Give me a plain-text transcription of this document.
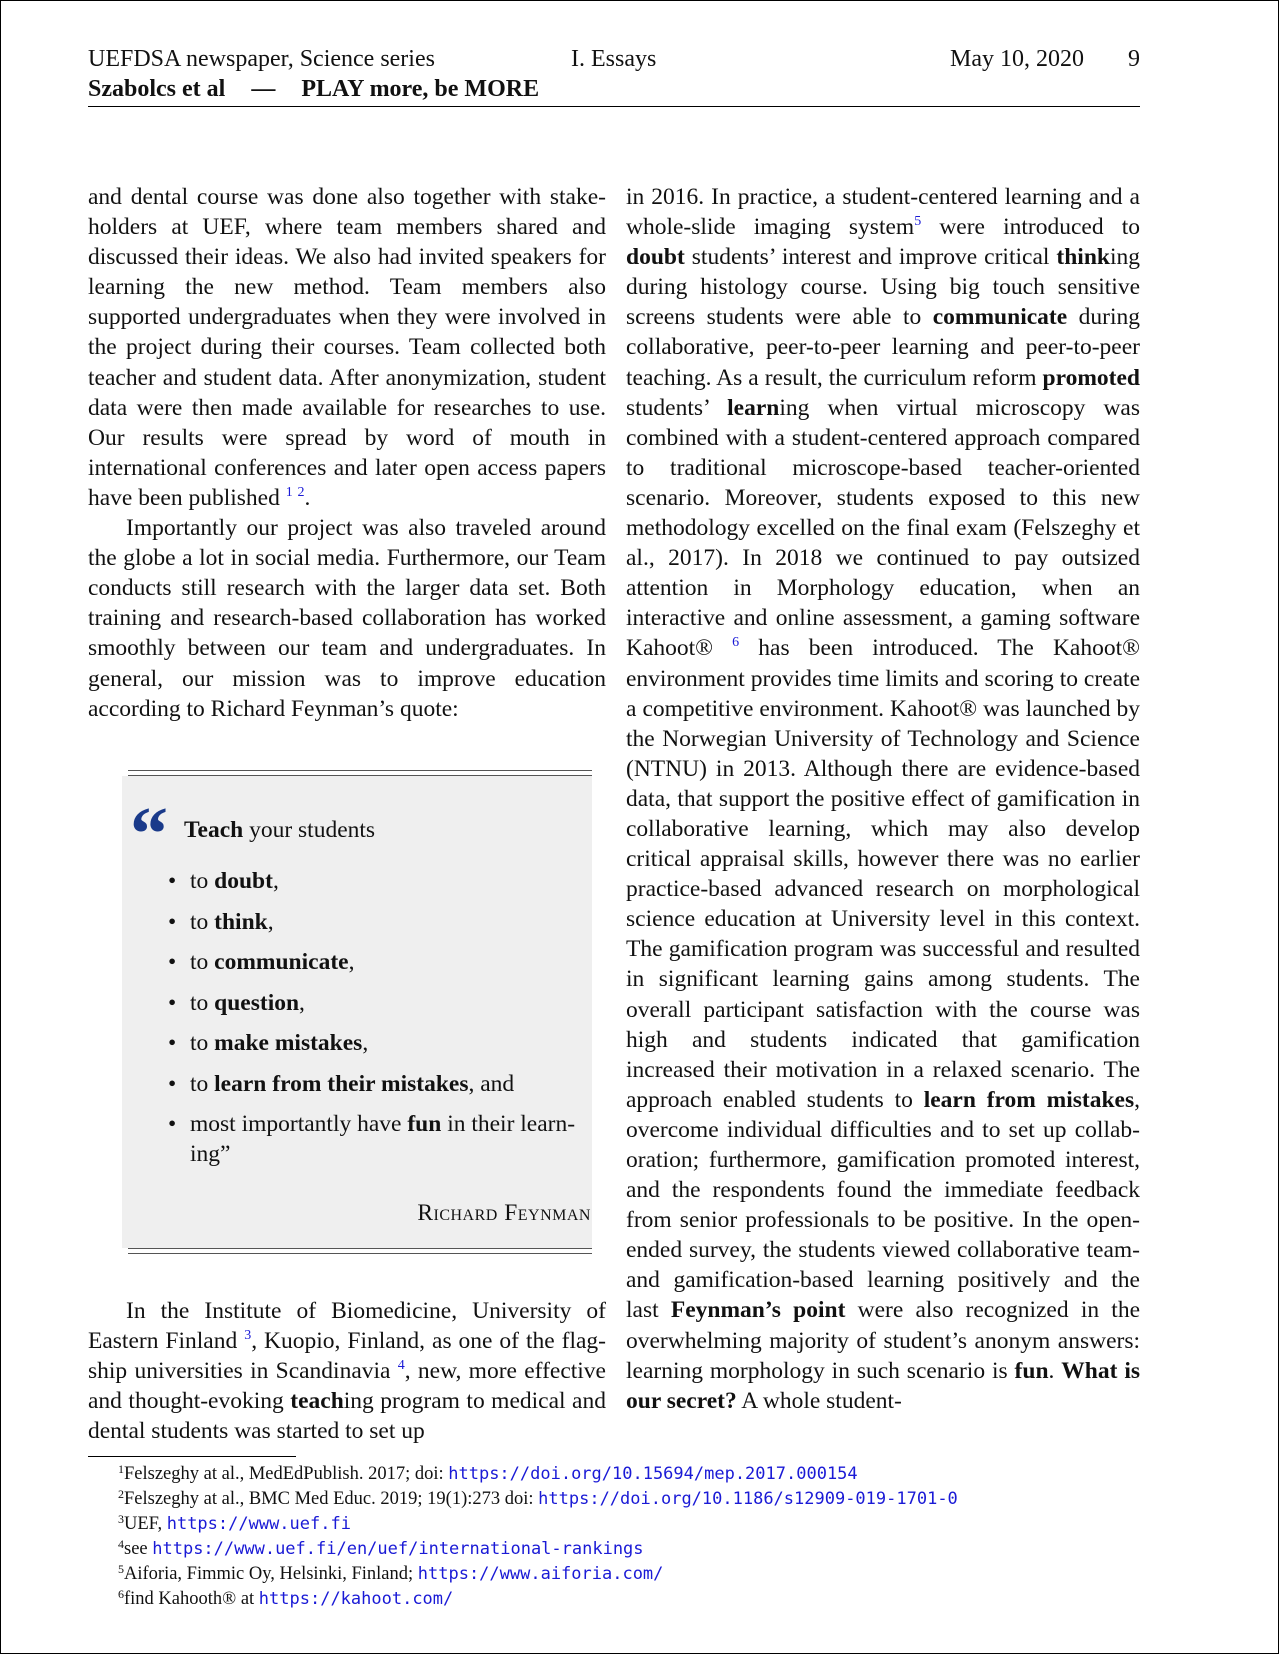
UEFDSA newspaper, Science series	I. Essays	May 10, 2020 9
Szabolcs et al — PLAY more, be MORE

and dental course was done also together with stakeholders at UEF, where team members shared and discussed their ideas. We also had invited speakers for learning the new method. Team members also supported undergraduates when they were involved in the project during their courses. Team collected both teacher and student data. After anonymization, student data were then made available for researches to use. Our results were spread by word of mouth in international conferences and later open access papers have been published $^1$  $^2$.

Importantly our project was also traveled around the globe a lot in social media. Furthermore, our Team conducts still research with the larger data set. Both training and research-based collaboration has worked smoothly between our team and undergraduates. In general, our mission was to improve education according to Richard Feynman’s quote:

“ Teach your students
• to doubt,
• to think,
• to communicate,
• to question,
• to make mistakes,
• to learn from their mistakes, and
• most importantly have fun in their learning”
Richard Feynman

In the Institute of Biomedicine, University of Eastern Finland $^3$, Kuopio, Finland, as one of the flag-ship universities in Scandinavia $^4$, new, more effective and thought-evoking teaching program to medical and dental students was started to set up

in 2016. In practice, a student-centered learning and a whole-slide imaging system$^5$ were introduced to doubt students’ interest and improve critical thinking during histology course. Using big touch sensitive screens students were able to communicate during collaborative, peer-to-peer learning and peer-to-peer teaching. As a result, the curriculum reform promoted students’ learning when virtual microscopy was combined with a student-centered approach compared to traditional microscope-based teacher-oriented scenario. Moreover, students exposed to this new methodology excelled on the final exam (Felszeghy et al., 2017). In 2018 we continued to pay outsized attention in Morphology education, when an interactive and online assessment, a gaming software Kahoot® $^6$ has been introduced. The Kahoot® environment provides time limits and scoring to create a competitive environment. Kahoot® was launched by the Norwegian University of Technology and Science (NTNU) in 2013. Although there are evidence-based data, that support the positive effect of gamification in collaborative learning, which may also develop critical appraisal skills, however there was no earlier practice-based advanced research on morphological science education at University level in this context. The gamification program was successful and resulted in significant learning gains among students. The overall participant satisfaction with the course was high and students indicated that gamification increased their motivation in a relaxed scenario. The approach enabled students to learn from mistakes, overcome individual difficulties and to set up collaboration; furthermore, gamification promoted interest, and the respondents found the immediate feedback from senior professionals to be positive. In the open-ended survey, the students viewed collaborative team- and gamification-based learning positively and the last Feynman’s point were also recognized in the overwhelming majority of student’s anonym answers: learning morphology in such scenario is fun. What is our secret? A whole student-

$^1$Felszeghy at al., MedEdPublish. 2017; doi: https://doi.org/10.15694/mep.2017.000154
$^2$Felszeghy at al., BMC Med Educ. 2019; 19(1):273 doi: https://doi.org/10.1186/s12909-019-1701-0
$^3$UEF, https://www.uef.fi
$^4$see https://www.uef.fi/en/uef/international-rankings
$^5$Aiforia, Fimmic Oy, Helsinki, Finland; https://www.aiforia.com/
$^6$find Kahooth® at https://kahoot.com/
